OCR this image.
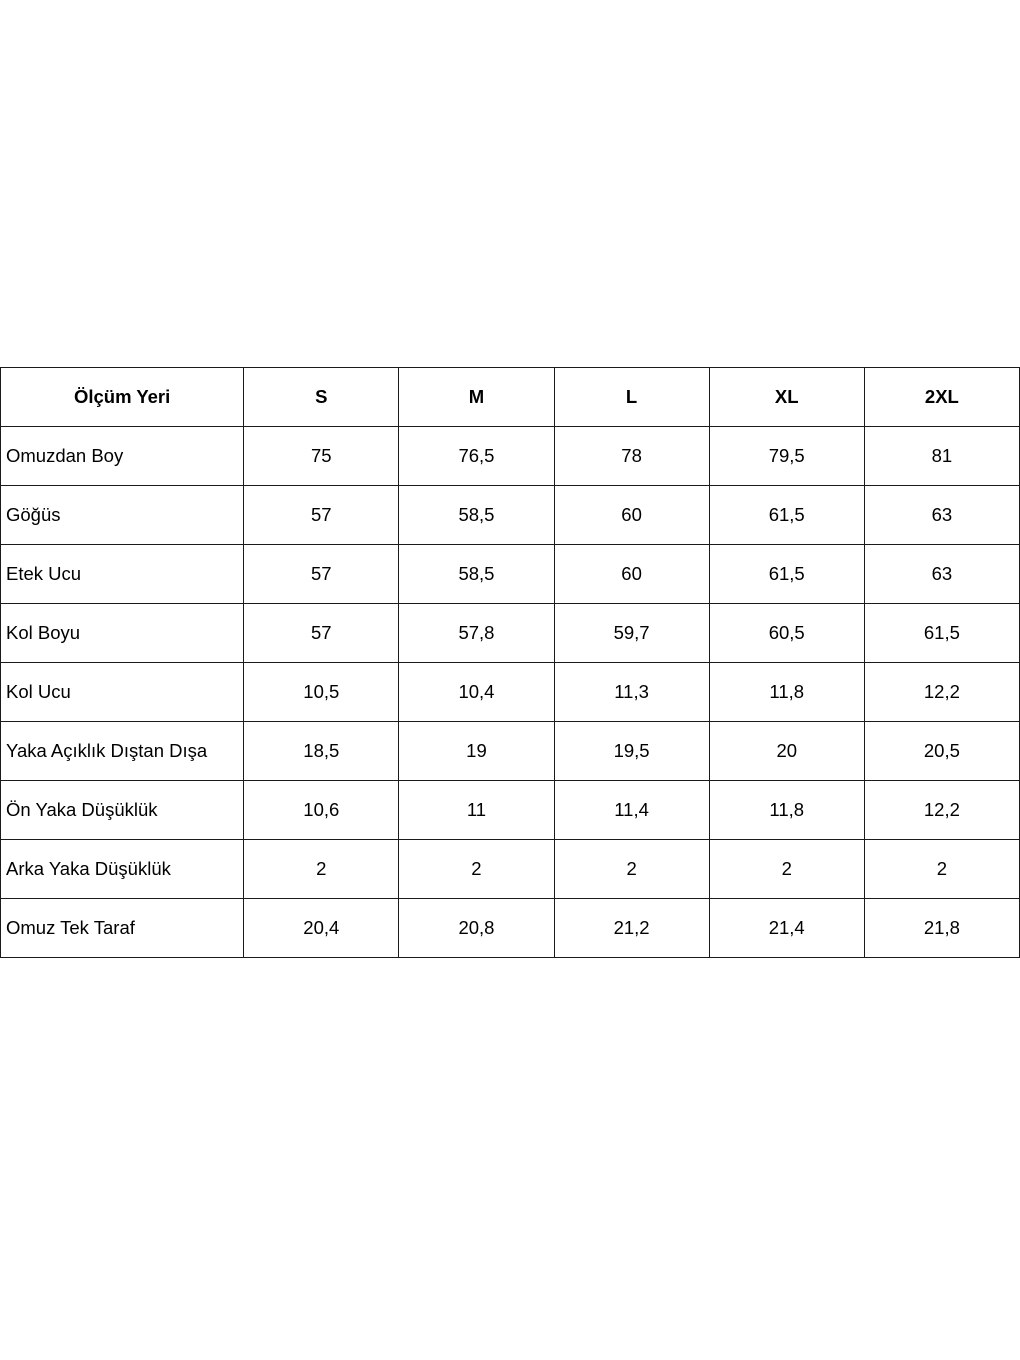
Ölçüm Yeri	S	M	L	XL	2XL
Omuzdan Boy	75	76,5	78	79,5	81
Göğüs	57	58,5	60	61,5	63
Etek Ucu	57	58,5	60	61,5	63
Kol Boyu	57	57,8	59,7	60,5	61,5
Kol Ucu	10,5	10,4	11,3	11,8	12,2
Yaka Açıklık Dıştan Dışa	18,5	19	19,5	20	20,5
Ön Yaka Düşüklük	10,6	11	11,4	11,8	12,2
Arka Yaka Düşüklük	2	2	2	2	2
Omuz Tek Taraf	20,4	20,8	21,2	21,4	21,8
